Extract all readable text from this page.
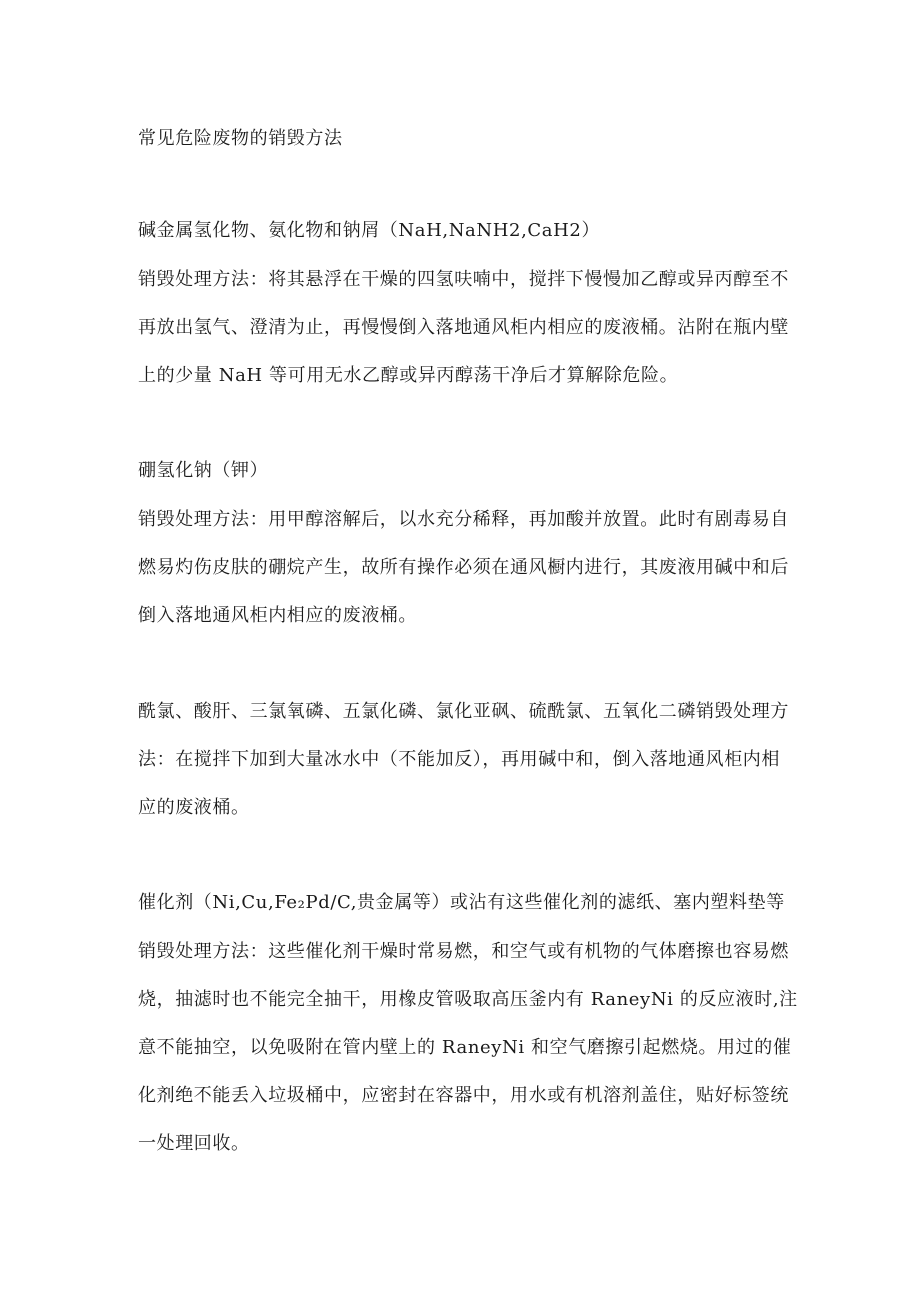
常见危险废物的销毁方法
碱金属氢化物、氨化物和钠屑（NaH,NaNH2,CaH2）
销毁处理方法：将其悬浮在干燥的四氢呋喃中，搅拌下慢慢加乙醇或异丙醇至不
再放出氢气、澄清为止，再慢慢倒入落地通风柜内相应的废液桶。沾附在瓶内壁
上的少量 NaH 等可用无水乙醇或异丙醇荡干净后才算解除危险。
硼氢化钠（钾）
销毁处理方法：用甲醇溶解后，以水充分稀释，再加酸并放置。此时有剧毒易自
燃易灼伤皮肤的硼烷产生，故所有操作必须在通风橱内进行，其废液用碱中和后
倒入落地通风柜内相应的废液桶。
酰氯、酸肝、三氯氧磷、五氯化磷、氯化亚砜、硫酰氯、五氧化二磷销毁处理方
法：在搅拌下加到大量冰水中（不能加反），再用碱中和，倒入落地通风柜内相
应的废液桶。
催化剂（Ni,Cu,Fe₂Pd/C,贵金属等）或沾有这些催化剂的滤纸、塞内塑料垫等
销毁处理方法：这些催化剂干燥时常易燃，和空气或有机物的气体磨擦也容易燃
烧，抽滤时也不能完全抽干，用橡皮管吸取高压釜内有 RaneyNi 的反应液时,注
意不能抽空，以免吸附在管内壁上的 RaneyNi 和空气磨擦引起燃烧。用过的催
化剂绝不能丢入垃圾桶中，应密封在容器中，用水或有机溶剂盖住，贴好标签统
一处理回收。
